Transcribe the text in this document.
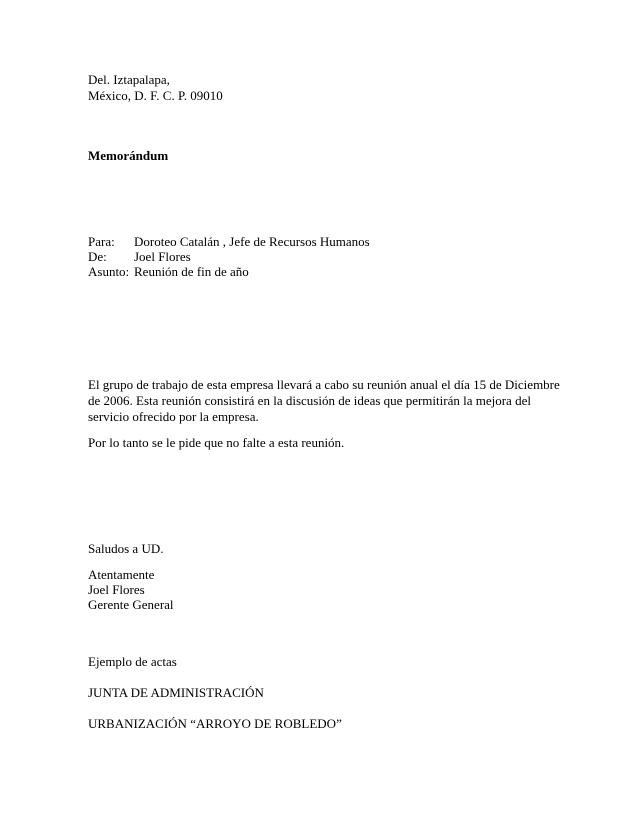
Del. Iztapalapa,
México, D. F. C. P. 09010
Memorándum
Para: Doroteo Catalán , Jefe de Recursos Humanos
De: Joel Flores
Asunto: Reunión de fin de año
El grupo de trabajo de esta empresa llevará a cabo su reunión anual el día 15 de Diciembre
de 2006. Esta reunión consistirá en la discusión de ideas que permitirán la mejora del
servicio ofrecido por la empresa.
Por lo tanto se le pide que no falte a esta reunión.
Saludos a UD.
Atentamente
Joel Flores
Gerente General
Ejemplo de actas
JUNTA DE ADMINISTRACIÓN
URBANIZACIÓN “ARROYO DE ROBLEDO”
